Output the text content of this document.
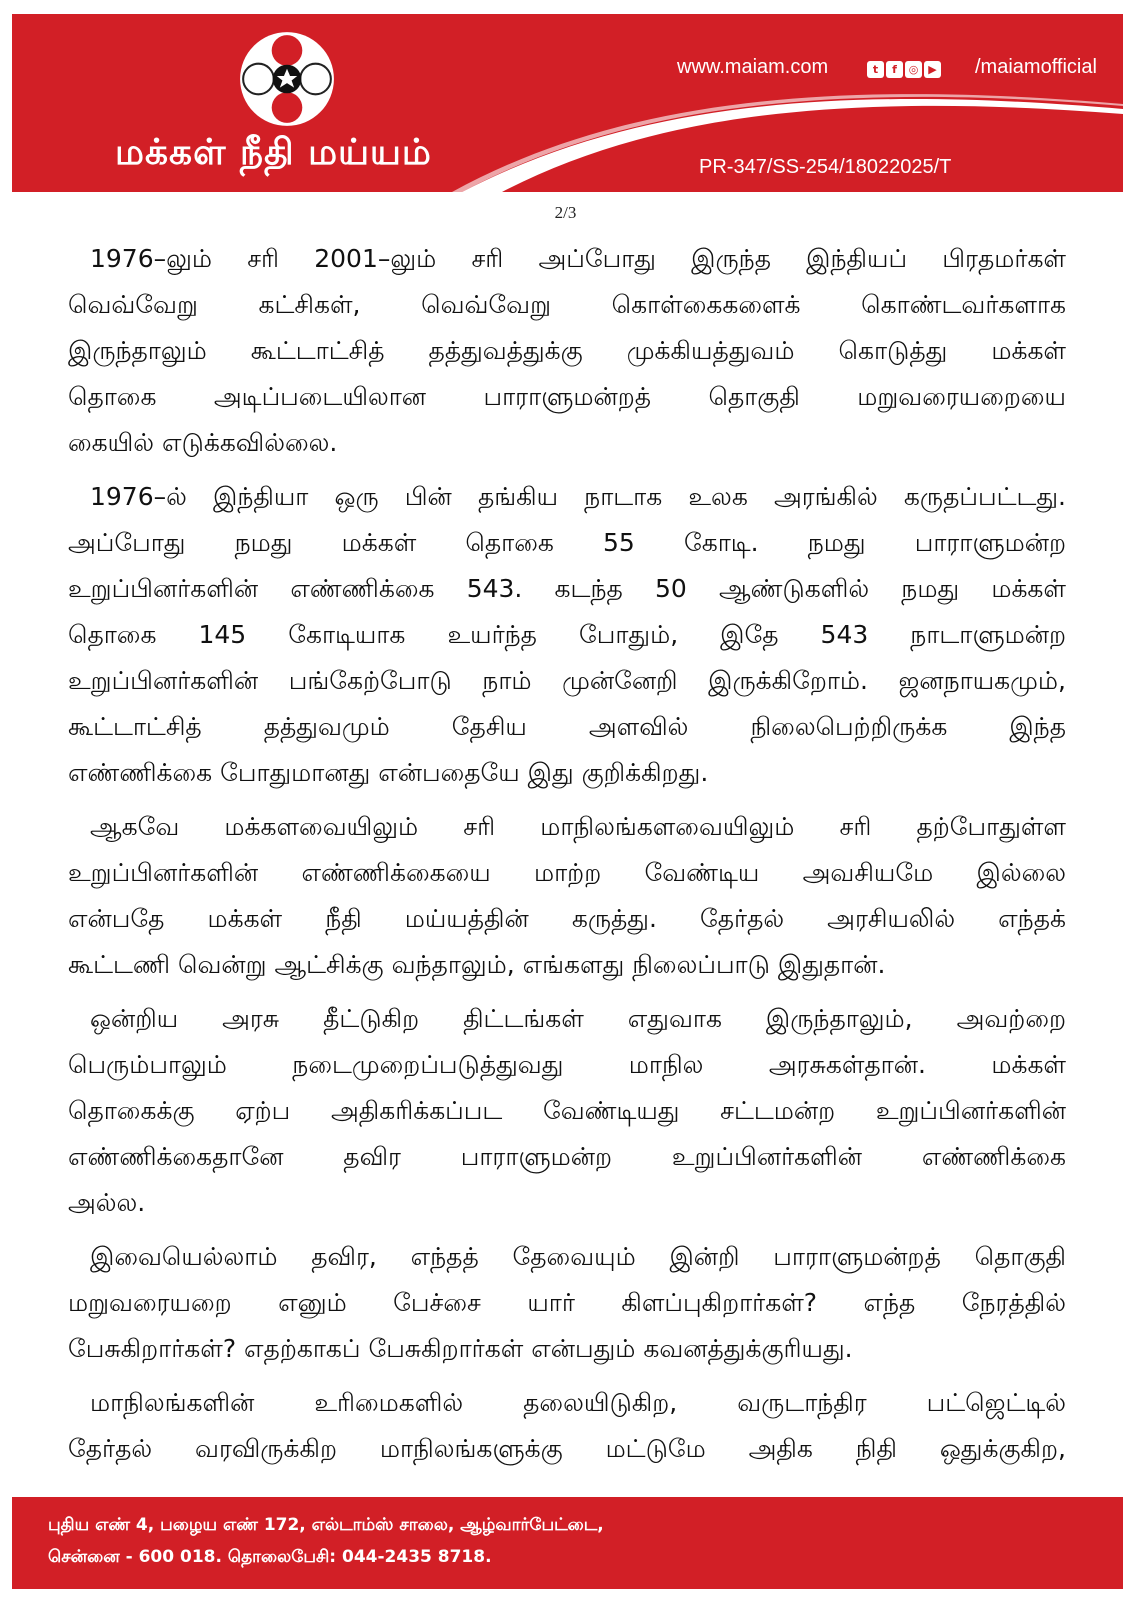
மக்கள் நீதி மய்யம்
www.maiam.com	t	f	◎ ▶ /maiamofficial
PR-347/SS-254/18022025/T
2/3
1976–லும் சரி 2001–லும் சரி அப்போது இருந்த இந்தியப் பிரதமர்கள்
வெவ்வேறு கட்சிகள், வெவ்வேறு கொள்கைகளைக் கொண்டவர்களாக
இருந்தாலும் கூட்டாட்சித் தத்துவத்துக்கு முக்கியத்துவம் கொடுத்து மக்கள்
தொகை அடிப்படையிலான பாராளுமன்றத் தொகுதி மறுவரையறையை
கையில் எடுக்கவில்லை.
1976–ல் இந்தியா ஒரு பின் தங்கிய நாடாக உலக அரங்கில் கருதப்பட்டது.
அப்போது நமது மக்கள் தொகை 55 கோடி. நமது பாராளுமன்ற
உறுப்பினர்களின் எண்ணிக்கை 543. கடந்த 50 ஆண்டுகளில் நமது மக்கள்
தொகை 145 கோடியாக உயர்ந்த போதும், இதே 543 நாடாளுமன்ற
உறுப்பினர்களின் பங்கேற்போடு நாம் முன்னேறி இருக்கிறோம். ஜனநாயகமும்,
கூட்டாட்சித் தத்துவமும் தேசிய அளவில் நிலைபெற்றிருக்க இந்த
எண்ணிக்கை போதுமானது என்பதையே இது குறிக்கிறது.
ஆகவே மக்களவையிலும் சரி மாநிலங்களவையிலும் சரி தற்போதுள்ள
உறுப்பினர்களின் எண்ணிக்கையை மாற்ற வேண்டிய அவசியமே இல்லை
என்பதே மக்கள் நீதி மய்யத்தின் கருத்து. தேர்தல் அரசியலில் எந்தக்
கூட்டணி வென்று ஆட்சிக்கு வந்தாலும், எங்களது நிலைப்பாடு இதுதான்.
ஒன்றிய அரசு தீட்டுகிற திட்டங்கள் எதுவாக இருந்தாலும், அவற்றை
பெரும்பாலும் நடைமுறைப்படுத்துவது மாநில அரசுகள்தான். மக்கள்
தொகைக்கு ஏற்ப அதிகரிக்கப்பட வேண்டியது சட்டமன்ற உறுப்பினர்களின்
எண்ணிக்கைதானே தவிர பாராளுமன்ற உறுப்பினர்களின் எண்ணிக்கை
அல்ல.
இவையெல்லாம் தவிர, எந்தத் தேவையும் இன்றி பாராளுமன்றத் தொகுதி
மறுவரையறை எனும் பேச்சை யார் கிளப்புகிறார்கள்? எந்த நேரத்தில்
பேசுகிறார்கள்? எதற்காகப் பேசுகிறார்கள் என்பதும் கவனத்துக்குரியது.
மாநிலங்களின் உரிமைகளில் தலையிடுகிற, வருடாந்திர பட்ஜெட்டில்
தேர்தல் வரவிருக்கிற மாநிலங்களுக்கு மட்டுமே அதிக நிதி ஒதுக்குகிற,
புதிய எண் 4, பழைய எண் 172, எல்டாம்ஸ் சாலை, ஆழ்வார்பேட்டை,
சென்னை - 600 018. தொலைபேசி: 044-2435 8718.
